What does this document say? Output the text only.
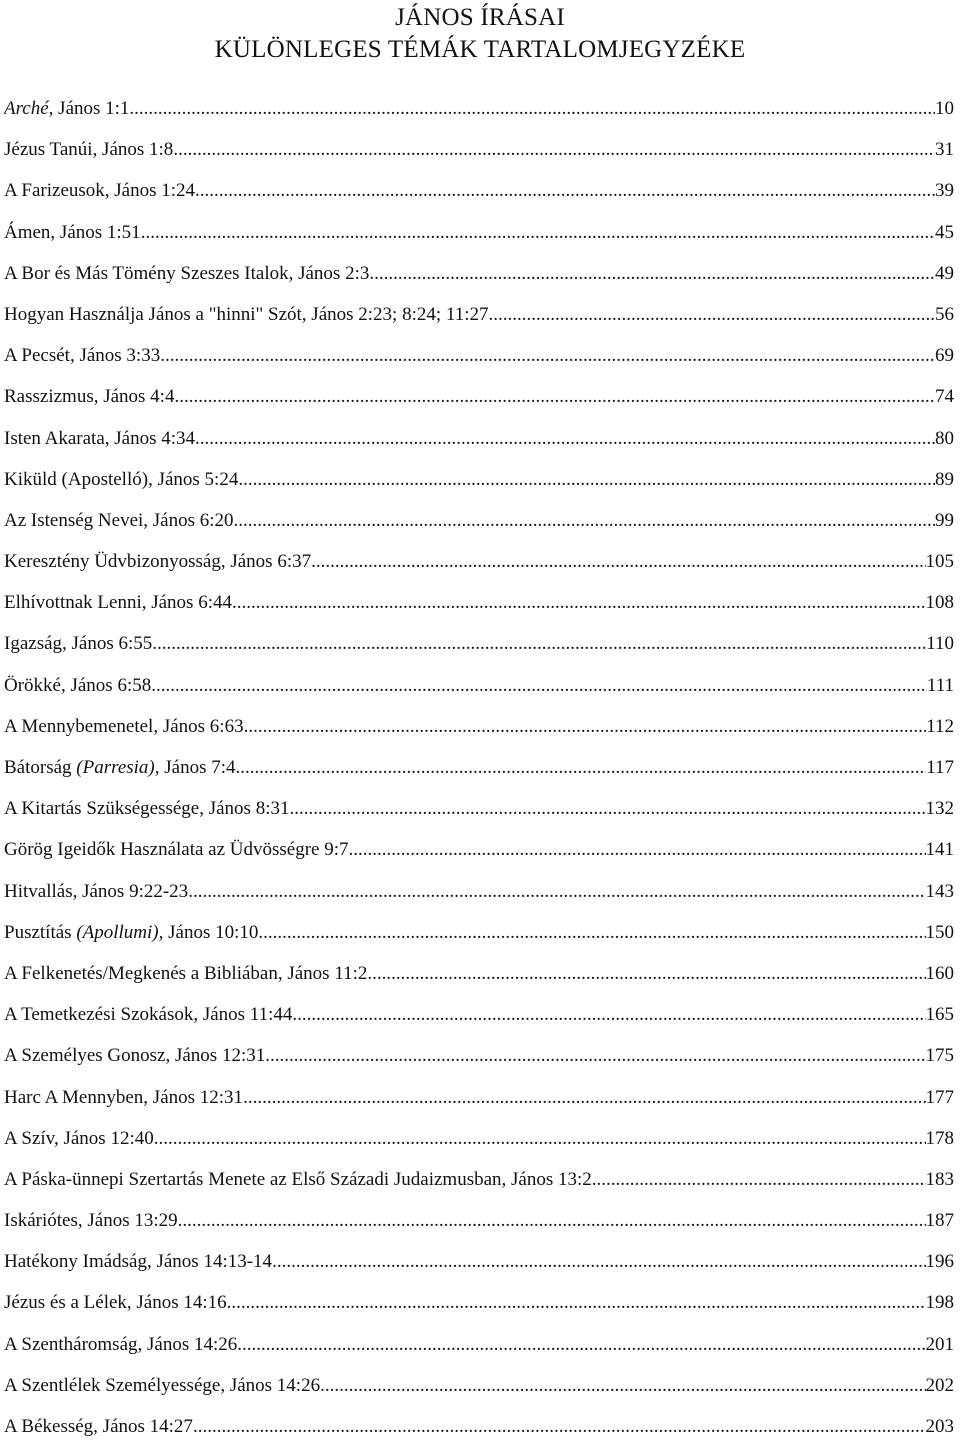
JÁNOS ÍRÁSAI
KÜLÖNLEGES TÉMÁK TARTALOMJEGYZÉKE
Arché, János 1:1 .....	10
Jézus Tanúi, János 1:8 .....	31
A Farizeusok, János 1:24 .....	39
Ámen, János 1:51 .....	45
A Bor és Más Tömény Szeszes Italok, János 2:3 .....	49
Hogyan Használja János a "hinni" Szót, János 2:23; 8:24; 11:27 .....	56
A Pecsét, János 3:33 .....	69
Rasszizmus, János 4:4 .....	74
Isten Akarata, János 4:34 .....	80
Kiküld (Apostelló), János 5:24 .....	89
Az Istenség Nevei, János 6:20 .....	99
Keresztény Üdvbizonyosság, János 6:37 .....	105
Elhívottnak Lenni, János 6:44 .....	108
Igazság, János 6:55 .....	110
Örökké, János 6:58 .....	111
A Mennybemenetel, János 6:63 .....	112
Bátorság (Parresia), János 7:4 .....	117
A Kitartás Szükségessége, János 8:31 .....	132
Görög Igeidők Használata az Üdvösségre 9:7 .....	141
Hitvallás, János 9:22-23 .....	143
Pusztítás (Apollumi), János 10:10 .....	150
A Felkenetés/Megkenés a Bibliában, János 11:2 .....	160
A Temetkezési Szokások, János 11:44 .....	165
A Személyes Gonosz, János 12:31 .....	175
Harc A Mennyben, János 12:31 .....	177
A Szív, János 12:40 .....	178
A Páska-ünnepi Szertartás Menete az Első Századi Judaizmusban, János 13:2 .....	183
Iskáriótes, János 13:29 .....	187
Hatékony Imádság, János 14:13-14 .....	196
Jézus és a Lélek, János 14:16 .....	198
A Szentháromság, János 14:26 .....	201
A Szentlélek Személyessége, János 14:26 .....	202
A Békesség, János 14:27 .....	203
